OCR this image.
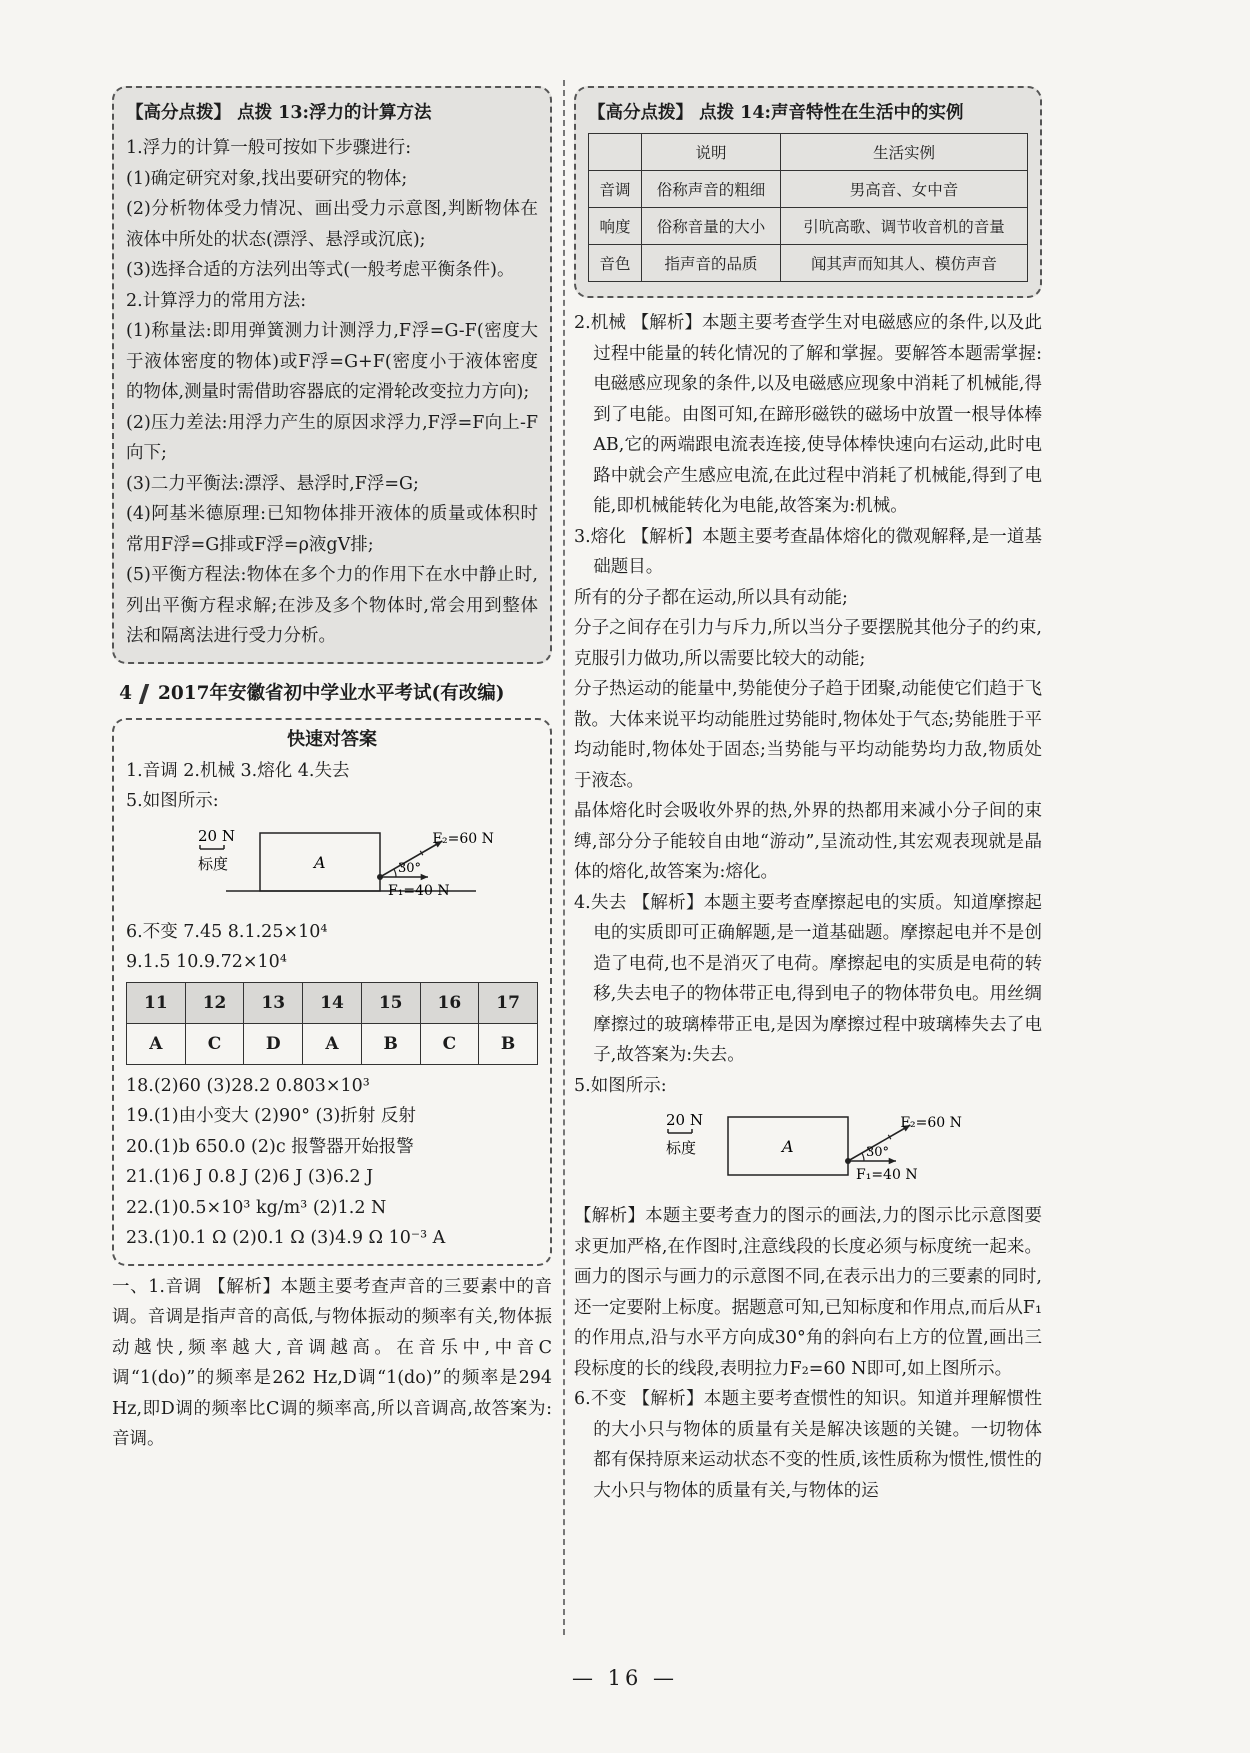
【高分点拨】 点拨 13:浮力的计算方法

1.浮力的计算一般可按如下步骤进行:

(1)确定研究对象,找出要研究的物体;

(2)分析物体受力情况、画出受力示意图,判断物体在液体中所处的状态(漂浮、悬浮或沉底);

(3)选择合适的方法列出等式(一般考虑平衡条件)。

2.计算浮力的常用方法:

(1)称量法:即用弹簧测力计测浮力,F浮=G-F(密度大于液体密度的物体)或F浮=G+F(密度小于液体密度的物体,测量时需借助容器底的定滑轮改变拉力方向);

(2)压力差法:用浮力产生的原因求浮力,F浮=F向上-F向下;

(3)二力平衡法:漂浮、悬浮时,F浮=G;

(4)阿基米德原理:已知物体排开液体的质量或体积时常用F浮=G排或F浮=ρ液gV排;

(5)平衡方程法:物体在多个力的作用下在水中静止时,列出平衡方程求解;在涉及多个物体时,常会用到整体法和隔离法进行受力分析。

4 2017年安徽省初中学业水平考试(有改编)
快速对答案

1.音调 2.机械 3.熔化 4.失去

5.如图所示:

20 N
标度	A
F₁=40 N
F₂=60 N
30°

6.不变 7.45 8.1.25×10⁴

9.1.5 10.9.72×10⁴

11	12	13	14	15	16	17
A	C	D	A	B	C	B

18.(2)60 (3)28.2 0.803×10³

19.(1)由小变大 (2)90° (3)折射 反射

20.(1)b 650.0 (2)c 报警器开始报警

21.(1)6 J 0.8 J (2)6 J (3)6.2 J

22.(1)0.5×10³ kg/m³ (2)1.2 N

23.(1)0.1 Ω (2)0.1 Ω (3)4.9 Ω 10⁻³ A

一、1.音调 【解析】本题主要考查声音的三要素中的音调。音调是指声音的高低,与物体振动的频率有关,物体振动越快,频率越大,音调越高。在音乐中,中音C调“1(do)”的频率是262 Hz,D调“1(do)”的频率是294 Hz,即D调的频率比C调的频率高,所以音调高,故答案为:音调。

【高分点拨】 点拨 14:声音特性在生活中的实例
	说明	生活实例
音调	俗称声音的粗细	男高音、女中音
响度	俗称音量的大小	引吭高歌、调节收音机的音量
音色	指声音的品质	闻其声而知其人、模仿声音

2.机械 【解析】本题主要考查学生对电磁感应的条件,以及此过程中能量的转化情况的了解和掌握。要解答本题需掌握:电磁感应现象的条件,以及电磁感应现象中消耗了机械能,得到了电能。由图可知,在蹄形磁铁的磁场中放置一根导体棒AB,它的两端跟电流表连接,使导体棒快速向右运动,此时电路中就会产生感应电流,在此过程中消耗了机械能,得到了电能,即机械能转化为电能,故答案为:机械。

3.熔化 【解析】本题主要考查晶体熔化的微观解释,是一道基础题目。

所有的分子都在运动,所以具有动能;

分子之间存在引力与斥力,所以当分子要摆脱其他分子的约束,克服引力做功,所以需要比较大的动能;

分子热运动的能量中,势能使分子趋于团聚,动能使它们趋于飞散。大体来说平均动能胜过势能时,物体处于气态;势能胜于平均动能时,物体处于固态;当势能与平均动能势均力敌,物质处于液态。

晶体熔化时会吸收外界的热,外界的热都用来减小分子间的束缚,部分分子能较自由地“游动”,呈流动性,其宏观表现就是晶体的熔化,故答案为:熔化。

4.失去 【解析】本题主要考查摩擦起电的实质。知道摩擦起电的实质即可正确解题,是一道基础题。摩擦起电并不是创造了电荷,也不是消灭了电荷。摩擦起电的实质是电荷的转移,失去电子的物体带正电,得到电子的物体带负电。用丝绸摩擦过的玻璃棒带正电,是因为摩擦过程中玻璃棒失去了电子,故答案为:失去。

5.如图所示:

20 N
标度	A
F₁=40 N
F₂=60 N
30°

【解析】本题主要考查力的图示的画法,力的图示比示意图要求更加严格,在作图时,注意线段的长度必须与标度统一起来。画力的图示与画力的示意图不同,在表示出力的三要素的同时,还一定要附上标度。据题意可知,已知标度和作用点,而后从F₁的作用点,沿与水平方向成30°角的斜向右上方的位置,画出三段标度的长的线段,表明拉力F₂=60 N即可,如上图所示。

6.不变 【解析】本题主要考查惯性的知识。知道并理解惯性的大小只与物体的质量有关是解决该题的关键。一切物体都有保持原来运动状态不变的性质,该性质称为惯性,惯性的大小只与物体的质量有关,与物体的运

— 16 —
